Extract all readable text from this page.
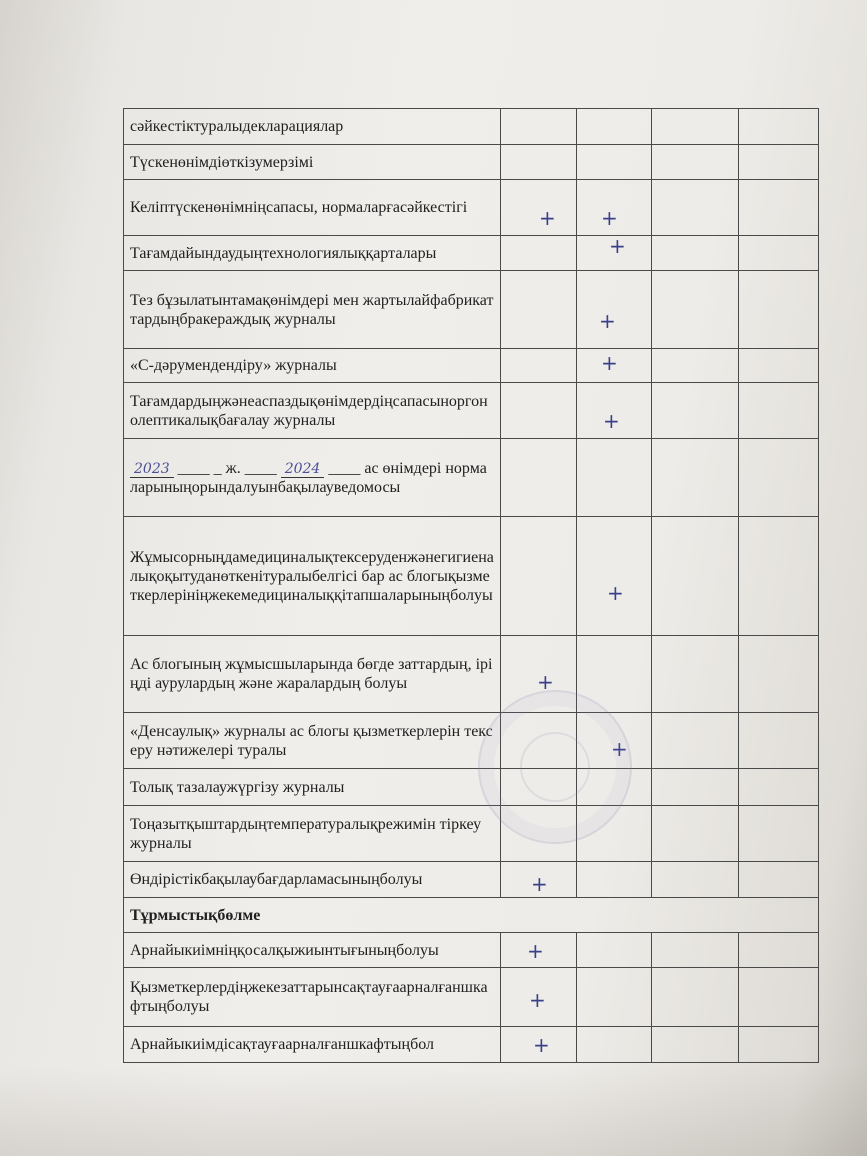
сәйкестіктуралыдекларациялар				

Түскенөнімдіөткізумерзімі				

Келіптүскенөнімніңсапасы, нормаларғасәйкестігі	+	+		

Тағамдайындаудыңтехнологиялыққарталары		+		

Тез бұзылатынтамақөнімдері мен жартылайфабрикаттардыңбракераждық журналы		+		

«С-дәрумендендіру» журналы		+		

Тағамдардыңжәнеаспаздықөнімдердіңсапасыноргонолептикалықбағалау журналы		+		

2023 ____ _ ж. ____ 2024 ____ ас өнімдері нормаларыныңорындалуынбақылауведомосы				

Жұмысорныңдамедициналықтексеруденжәнегигиеналықоқытуданөткенітуралыбелгісі бар ас блогықызметкерлерініңжекемедициналыққітапшаларыныңболуы		+		

Ас блогының жұмысшыларында бөгде заттардың, іріңді аурулардың және жаралардың болуы	+			

«Денсаулық» журналы ас блогы қызметкерлерін тексеру нәтижелері туралы		+		

Толық тазалаужүргізу журналы				

Тоңазытқыштардыңтемпературалықрежимін тіркеу журналы				

Өндірістікбақылаубағдарламасыныңболуы	+			

Тұрмыстықбөлме				

Арнайыкиімніңқосалқыжиынтығыныңболуы	+			

Қызметкерлердіңжекезаттарынсақтауғаарналғаншкафтыңболуы	+			

Арнайыкиімдісақтауғаарналғаншкафтыңбол	+			
